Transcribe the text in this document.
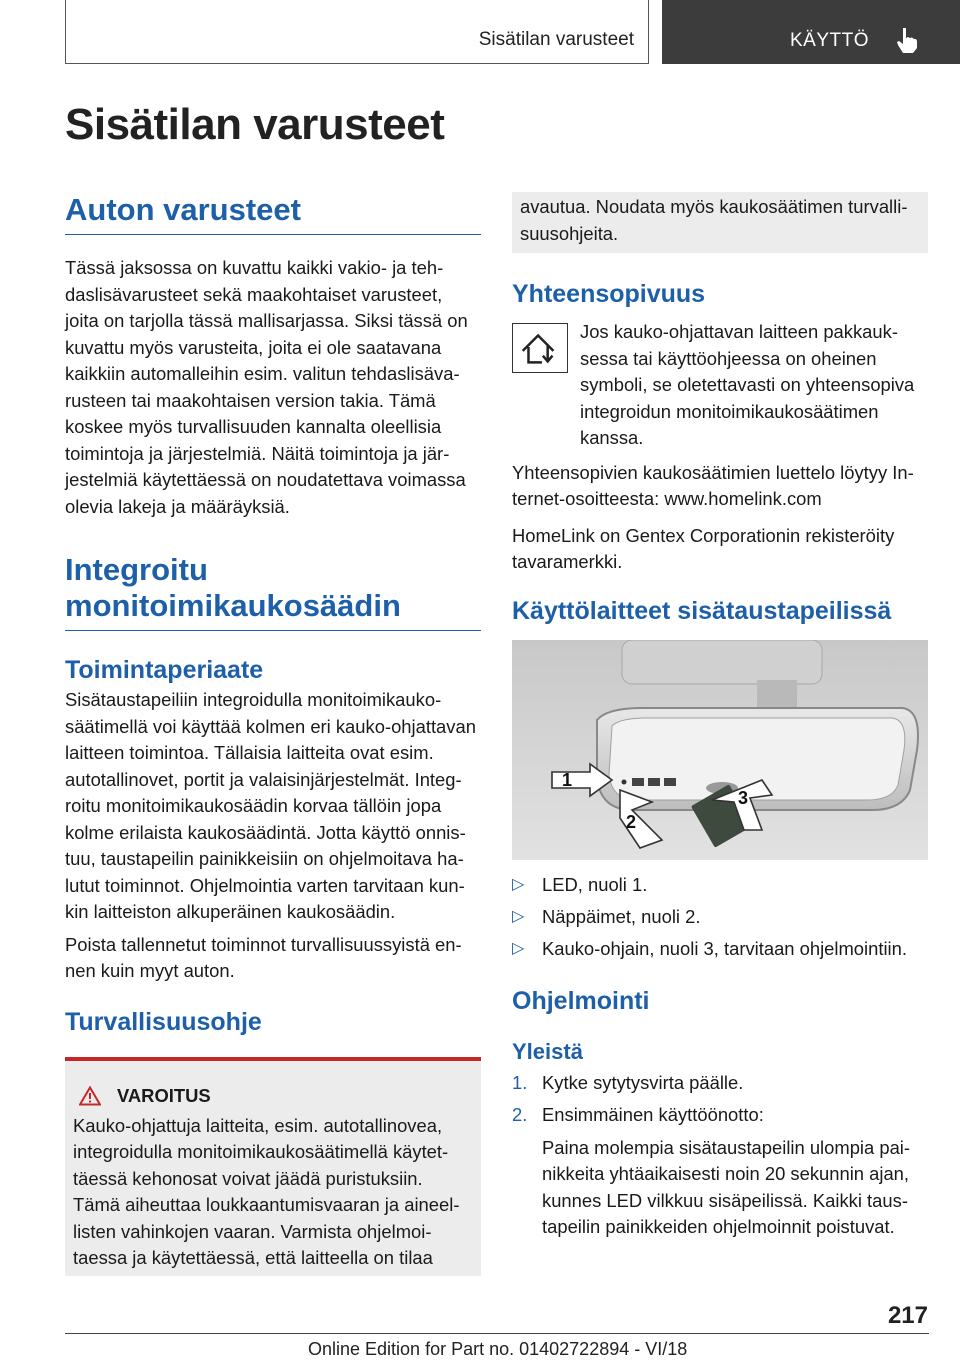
Sisätilan varusteet	KÄYTTÖ
Sisätilan varusteet
Auton varusteet
Tässä jaksossa on kuvattu kaikki vakio- ja tehdaslisävarusteet sekä maakohtaiset varusteet, joita on tarjolla tässä mallisarjassa. Siksi tässä on kuvattu myös varusteita, joita ei ole saatavana kaikkiin automalleihin esim. valitun tehdaslisävarusteen tai maakohtaisen version takia. Tämä koskee myös turvallisuuden kannalta oleellisia toimintoja ja järjestelmiä. Näitä toimintoja ja järjestelmiä käytettäessä on noudatettava voimassa olevia lakeja ja määräyksiä.
Integroitu monitoimikaukosäädin
Toimintaperiaate
Sisätaustapeiliin integroidulla monitoimikaukosäätimellä voi käyttää kolmen eri kauko-ohjattavan laitteen toimintoa. Tällaisia laitteita ovat esim. autotallinovet, portit ja valaisinjärjestelmät. Integroitu monitoimikaukosäädin korvaa tällöin jopa kolme erilaista kaukosäädintä. Jotta käyttö onnistuu, taustapeilin painikkeisiin on ohjelmoitava halutut toiminnot. Ohjelmointia varten tarvitaan kunkin laitteiston alkuperäinen kaukosäädin.
Poista tallennetut toiminnot turvallisuussyistä ennen kuin myyt auton.
Turvallisuusohje
VAROITUS
Kauko-ohjattuja laitteita, esim. autotallinovea, integroidulla monitoimikaukosäätimellä käytettäessä kehonosat voivat jäädä puristuksiin. Tämä aiheuttaa loukkaantumisvaaran ja aineellisten vahinkojen vaaran. Varmista ohjelmoitaessa ja käytettäessä, että laitteella on tilaa
avautua. Noudata myös kaukosäätimen turvallisuusohjeita.
Yhteensopivuus
Jos kauko-ohjattavan laitteen pakkauksessa tai käyttöohjeessa on oheinen symboli, se oletettavasti on yhteensopiva integroidun monitoimikaukosäätimen kanssa.
Yhteensopivien kaukosäätimien luettelo löytyy Internet-osoitteesta: www.homelink.com
HomeLink on Gentex Corporationin rekisteröity tavaramerkki.
Käyttölaitteet sisätaustapeilissä
1
2
3
▷ LED, nuoli 1.
▷ Näppäimet, nuoli 2.
▷ Kauko-ohjain, nuoli 3, tarvitaan ohjelmointiin.
Ohjelmointi
Yleistä
1. Kytke sytytysvirta päälle.
2. Ensimmäinen käyttöönotto:
Paina molempia sisätaustapeilin ulompia painikkeita yhtäaikaisesti noin 20 sekunnin ajan, kunnes LED vilkkuu sisäpeilissä. Kaikki taustapeilin painikkeiden ohjelmoinnit poistuvat.
217
Online Edition for Part no. 01402722894 - VI/18
